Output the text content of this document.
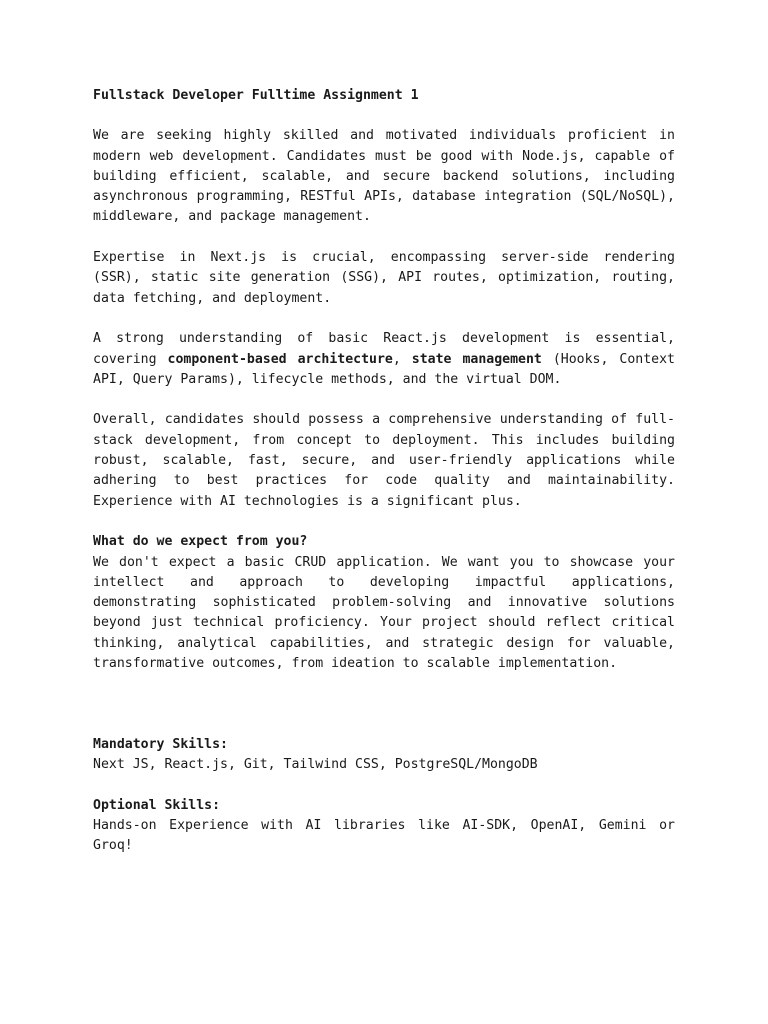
Fullstack Developer Fulltime Assignment 1

We are seeking highly skilled and motivated individuals proficient in modern web development. Candidates must be good with Node.js, capable of building efficient, scalable, and secure backend solutions, including asynchronous programming, RESTful APIs, database integration (SQL/NoSQL), middleware, and package management.

Expertise in Next.js is crucial, encompassing server-side rendering (SSR), static site generation (SSG), API routes, optimization, routing, data fetching, and deployment.

A strong understanding of basic React.js development is essential, covering component-based architecture, state management (Hooks, Context API, Query Params), lifecycle methods, and the virtual DOM.

Overall, candidates should possess a comprehensive understanding of full-stack development, from concept to deployment. This includes building robust, scalable, fast, secure, and user-friendly applications while adhering to best practices for code quality and maintainability. Experience with AI technologies is a significant plus.

What do we expect from you?

We don't expect a basic CRUD application. We want you to showcase your intellect and approach to developing impactful applications, demonstrating sophisticated problem-solving and innovative solutions beyond just technical proficiency. Your project should reflect critical thinking, analytical capabilities, and strategic design for valuable, transformative outcomes, from ideation to scalable implementation.

Mandatory Skills:
Next JS, React.js, Git, Tailwind CSS, PostgreSQL/MongoDB
Optional Skills:
Hands-on Experience with AI libraries like AI-SDK, OpenAI, Gemini or Groq!
